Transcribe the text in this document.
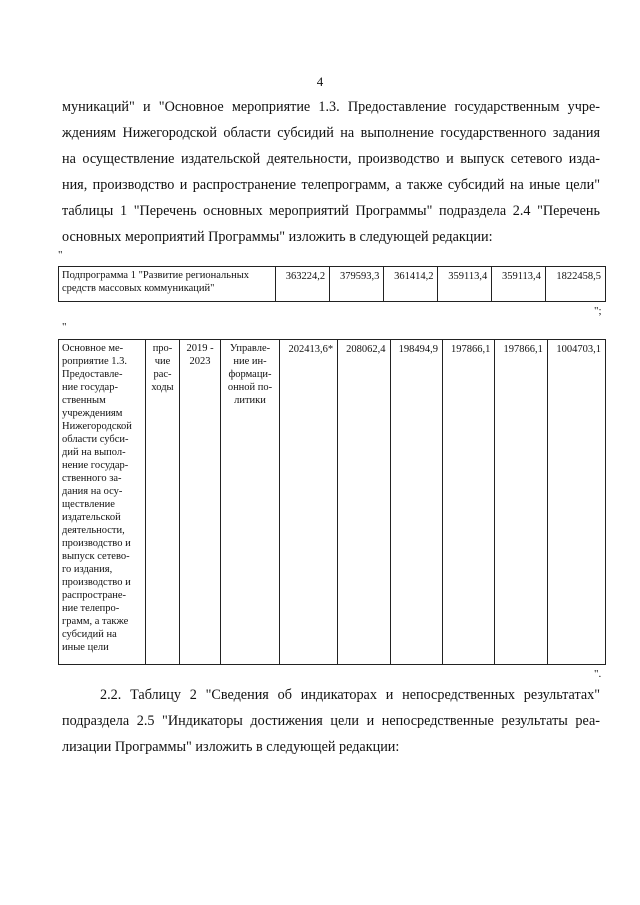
4

муникаций" и "Основное мероприятие 1.3. Предоставление государственным учре-
ждениям Нижегородской области субсидий на выполнение государственного задания
на осуществление издательской деятельности, производство и выпуск сетевого изда-
ния, производство и распространение телепрограмм, а также субсидий на иные цели"
таблицы 1 "Перечень основных мероприятий Программы" подраздела 2.4 "Перечень
основных мероприятий Программы" изложить в следующей редакции:

"
Подпрограмма 1 "Развитие региональных средств массовых коммуникаций"	363224,2	379593,3	361414,2	359113,4	359113,4	1822458,5
";
"
Основное ме-
роприятие 1.3.
Предоставле-
ние государ-
ственным
учреждениям
Нижегородской
области субси-
дий на выпол-
нение государ-
ственного за-
дания на осу-
ществление
издательской
деятельности,
производство и
выпуск сетево-
го издания,
производство и
распростране-
ние телепро-
грамм, а также
субсидий на
иные цели

про-
чие
рас-
ходы

2019 -
2023

Управле-
ние ин-
формаци-
онной по-
литики
	202413,6*	208062,4	198494,9	197866,1	197866,1	1004703,1
".

2.2. Таблицу 2 "Сведения об индикаторах и непосредственных результатах"
подраздела 2.5 "Индикаторы достижения цели и непосредственные результаты реа-
лизации Программы" изложить в следующей редакции:
